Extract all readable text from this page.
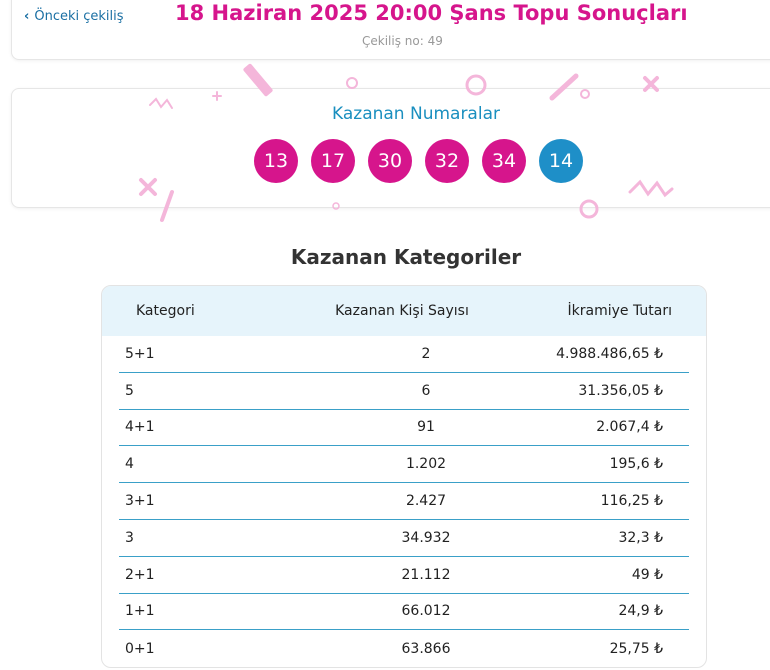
‹ Önceki çekiliş 18 Haziran 2025 20:00 Şans Topu Sonuçları
Çekiliş no: 49
Kazanan Numaralar
13	17	30	32	34	14
Kazanan Kategoriler
Kategori	Kazanan Kişi Sayısı	İkramiye Tutarı
5+1	2	4.988.486,65 ₺
5	6	31.356,05 ₺
4+1	91	2.067,4 ₺
4	1.202	195,6 ₺
3+1	2.427	116,25 ₺
3	34.932	32,3 ₺
2+1	21.112	49 ₺
1+1	66.012	24,9 ₺
0+1	63.866	25,75 ₺
